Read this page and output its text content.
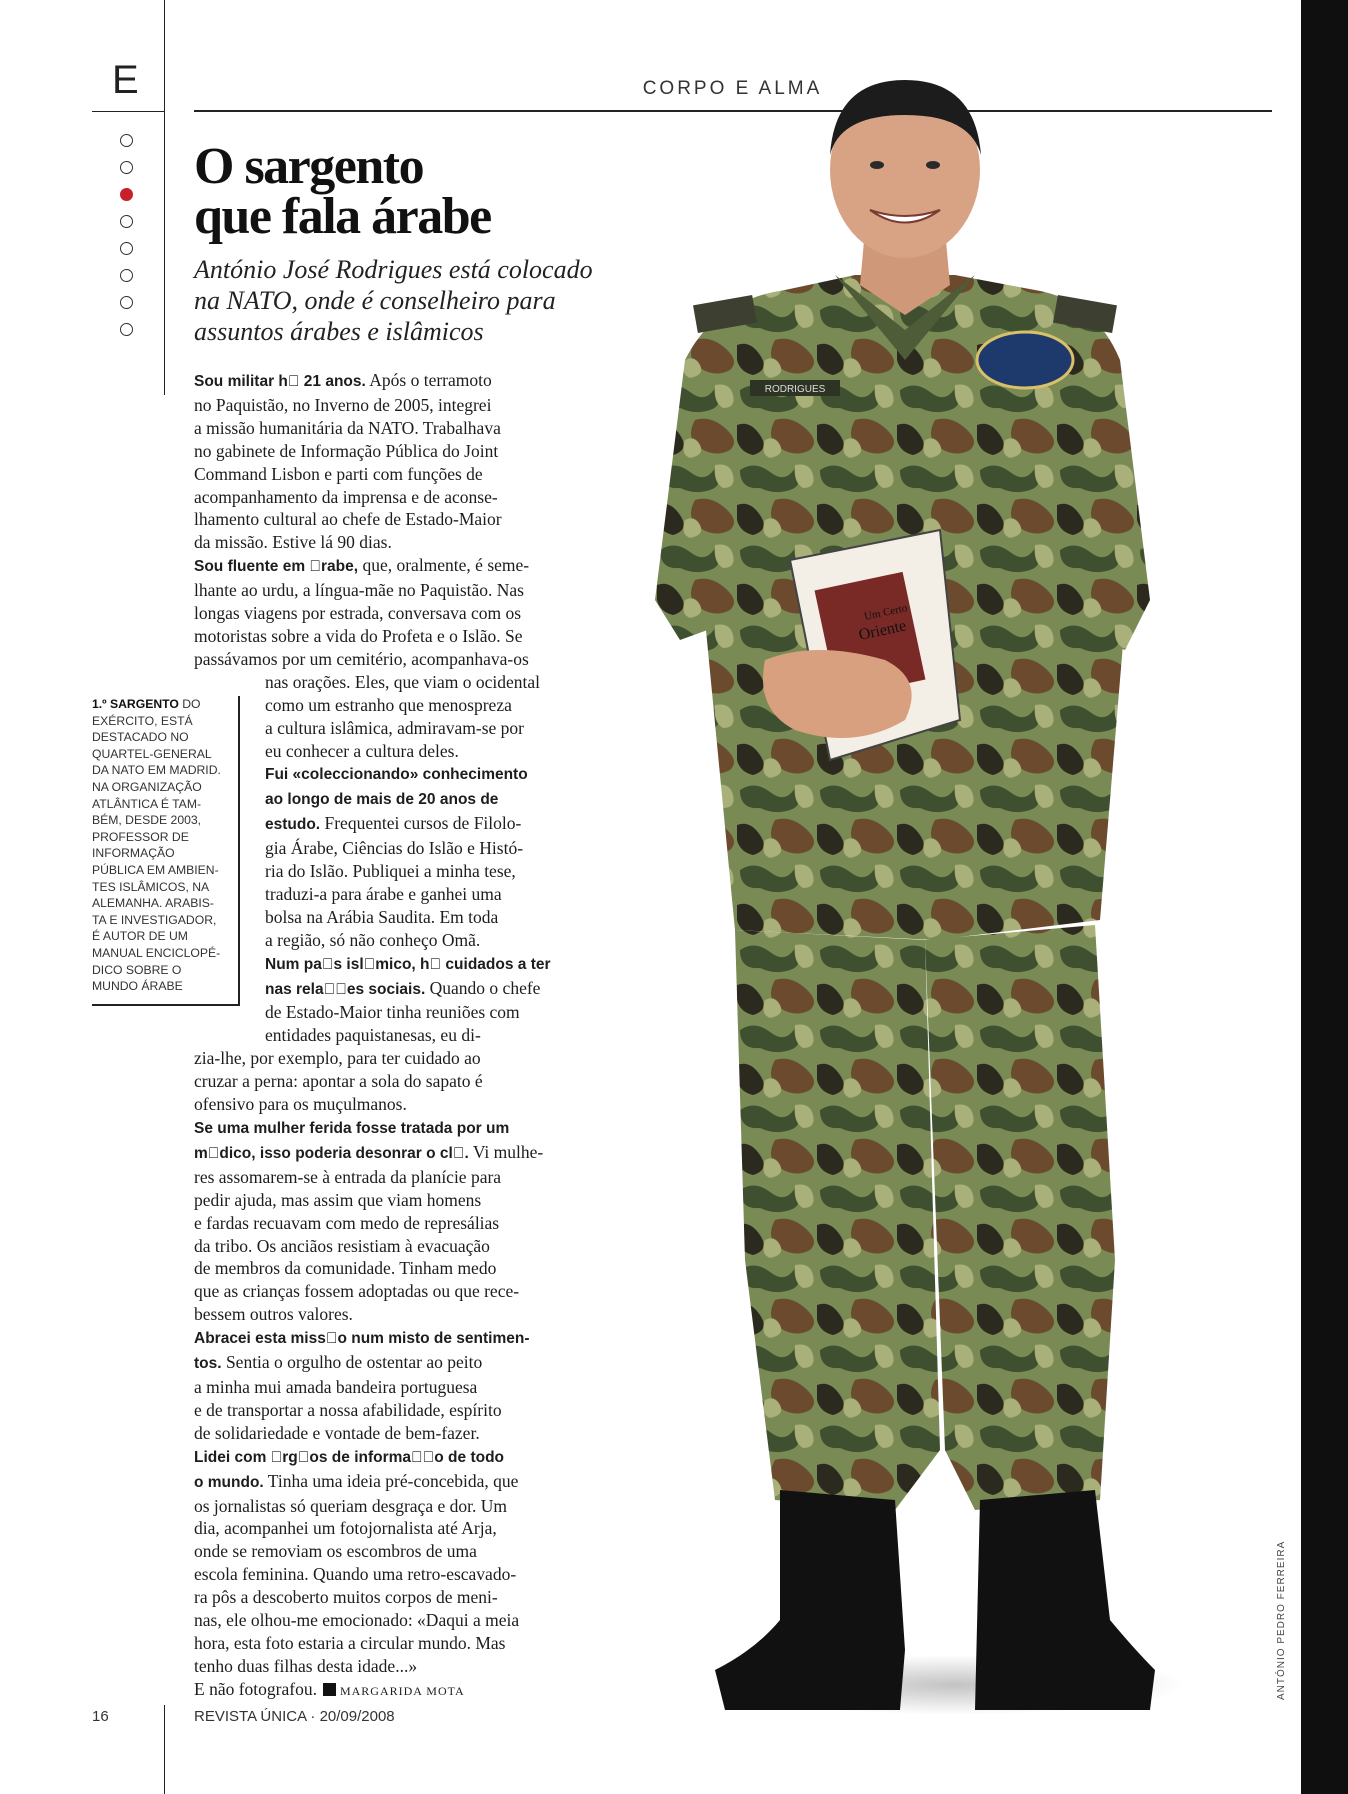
E	CORPO E ALMA
O sargento
que fala árabe
António José Rodrigues está colocado
na NATO, onde é conselheiro para
assuntos árabes e islâmicos
Sou militar h  21 anos. Após o terramoto
no Paquistão, no Inverno de 2005, integrei
a missão humanitária da NATO. Trabalhava
no gabinete de Informação Pública do Joint
Command Lisbon e parti com funções de
acompanhamento da imprensa e de aconse-
lhamento cultural ao chefe de Estado-Maior
da missão. Estive lá 90 dias.
Sou fluente em  rabe, que, oralmente, é seme-
lhante ao urdu, a língua-mãe no Paquistão. Nas
longas viagens por estrada, conversava com os
motoristas sobre a vida do Profeta e o Islão. Se
passávamos por um cemitério, acompanhava-os
nas orações. Eles, que viam o ocidental
como um estranho que menospreza
a cultura islâmica, admiravam-se por
eu conhecer a cultura deles.
Fui «coleccionando» conhecimento
ao longo de mais de 20 anos de
estudo. Frequentei cursos de Filolo-
gia Árabe, Ciências do Islão e Histó-
ria do Islão. Publiquei a minha tese,
traduzi-a para árabe e ganhei uma
bolsa na Arábia Saudita. Em toda
a região, só não conheço Omã.
Num pa s isl mico, h  cuidados a ter
nas rela  es sociais. Quando o chefe
de Estado-Maior tinha reuniões com
entidades paquistanesas, eu di-
zia-lhe, por exemplo, para ter cuidado ao
cruzar a perna: apontar a sola do sapato é
ofensivo para os muçulmanos.
Se uma mulher ferida fosse tratada por um
m dico, isso poderia desonrar o cl . Vi mulhe-
res assomarem-se à entrada da planície para
pedir ajuda, mas assim que viam homens
e fardas recuavam com medo de represálias
da tribo. Os anciãos resistiam à evacuação
de membros da comunidade. Tinham medo
que as crianças fossem adoptadas ou que rece-
bessem outros valores.
Abracei esta miss o num misto de sentimen-
tos. Sentia o orgulho de ostentar ao peito
a minha mui amada bandeira portuguesa
e de transportar a nossa afabilidade, espírito
de solidariedade e vontade de bem-fazer.
Lidei com  rg os de informa  o de todo
o mundo. Tinha uma ideia pré-concebida, que
os jornalistas só queriam desgraça e dor. Um
dia, acompanhei um fotojornalista até Arja,
onde se removiam os escombros de uma
escola feminina. Quando uma retro-escavado-
ra pôs a descoberto muitos corpos de meni-
nas, ele olhou-me emocionado: «Daqui a meia
hora, esta foto estaria a circular mundo. Mas
tenho duas filhas desta idade...»
E não fotografou. MARGARIDA MOTA
1.º SARGENTO DO
EXÉRCITO, ESTÁ
DESTACADO NO
QUARTEL-GENERAL
DA NATO EM MADRID.
NA ORGANIZAÇÃO
ATLÂNTICA É TAM-
BÉM, DESDE 2003,
PROFESSOR DE
INFORMAÇÃO
PÚBLICA EM AMBIEN-
TES ISLÂMICOS, NA
ALEMANHA. ARABIS-
TA E INVESTIGADOR,
É AUTOR DE UM
MANUAL ENCICLOPÉ-
DICO SOBRE O
MUNDO ÁRABE
RODRIGUES
Um Certo
Oriente
ANTÓNIO PEDRO FERREIRA
16	REVISTA ÚNICA · 20/09/2008
